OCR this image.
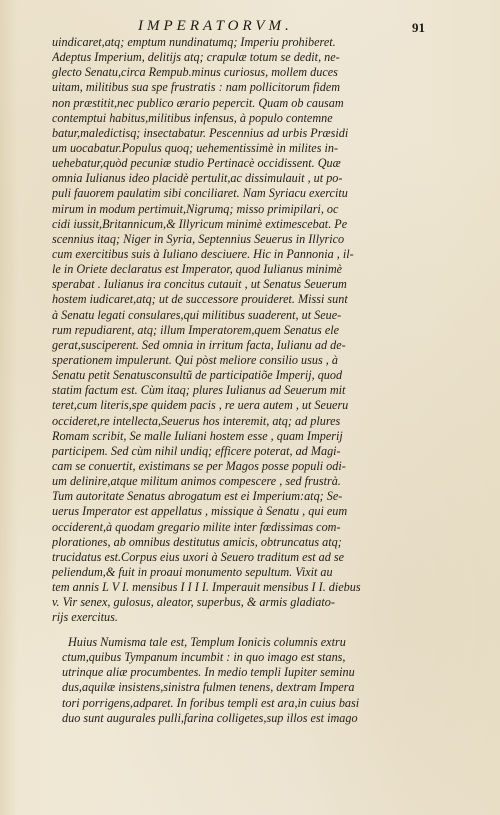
IMPERATORVM.	91
uindicaret,atq; emptum nundinatumq; Imperiu prohiberet.
Adeptus Imperium, delitijs atq; crapulæ totum se dedit, ne-
glecto Senatu,circa Rempub.minus curiosus, mollem duces
uitam, militibus sua spe frustratis : nam pollicitorum fidem
non præstitit,nec publico ærario pepercit. Quam ob causam
contemptui habitus,militibus infensus, à populo contemne
batur,maledictisq; insectabatur. Pescennius ad urbis Præsidi
um uocabatur.Populus quoq; uehementissimè in milites in-
uehebatur,quòd pecuniæ studio Pertinacè occidissent. Quæ
omnia Iulianus ideo placidè pertulit,ac dissimulauit , ut po-
puli fauorem paulatim sibi conciliaret. Nam Syriacu exercitu
mirum in modum pertimuit,Nigrumq; misso primipilari, oc
cidi iussit,Britannicum,& Illyricum minimè extimescebat. Pe
scennius itaq; Niger in Syria, Septennius Seuerus in Illyrico
cum exercitibus suis à Iuliano desciuere. Hic in Pannonia , il-
le in Oriete declaratus est Imperator, quod Iulianus minimè
sperabat . Iulianus ira concitus cutauit , ut Senatus Seuerum
hostem iudicaret,atq; ut de successore prouideret. Missi sunt
à Senatu legati consulares,qui militibus suaderent, ut Seue-
rum repudiarent, atq; illum Imperatorem,quem Senatus ele
gerat,susciperent. Sed omnia in irritum facta, Iulianu ad de-
sperationem impulerunt. Qui pòst meliore consilio usus , à
Senatu petit Senatusconsultũ de participatiõe Imperij, quod
statim factum est. Cùm itaq; plures Iulianus ad Seuerum mit
teret,cum literis,spe quidem pacis , re uera autem , ut Seueru
occideret,re intellecta,Seuerus hos interemit, atq; ad plures
Romam scribit, Se malle Iuliani hostem esse , quam Imperij
participem. Sed cùm nihil undiq; efficere poterat, ad Magi-
cam se conuertit, existimans se per Magos posse populi odi-
um delinire,atque militum animos compescere , sed frustrà.
Tum autoritate Senatus abrogatum est ei Imperium:atq; Se-
uerus Imperator est appellatus , missique à Senatu , qui eum
occiderent,à quodam gregario milite inter fœdissimas com-
plorationes, ab omnibus destitutus amicis, obtruncatus atq;
trucidatus est.Corpus eius uxori à Seuero traditum est ad se
peliendum,& fuit in proaui monumento sepultum. Vixit au
tem annis L V I. mensibus I I I I. Imperauit mensibus I I. diebus
v. Vir senex, gulosus, aleator, superbus, & armis gladiato-
rijs exercitus.
Huius Numisma tale est, Templum Ionicis columnis extru
ctum,quibus Tympanum incumbit : in quo imago est stans,
utrinque aliæ procumbentes. In medio templi Iupiter seminu
dus,aquilæ insistens,sinistra fulmen tenens, dextram Impera
tori porrigens,adparet. In foribus templi est ara,in cuius basi
duo sunt augurales pulli,farina colligetes,sup illos est imago
